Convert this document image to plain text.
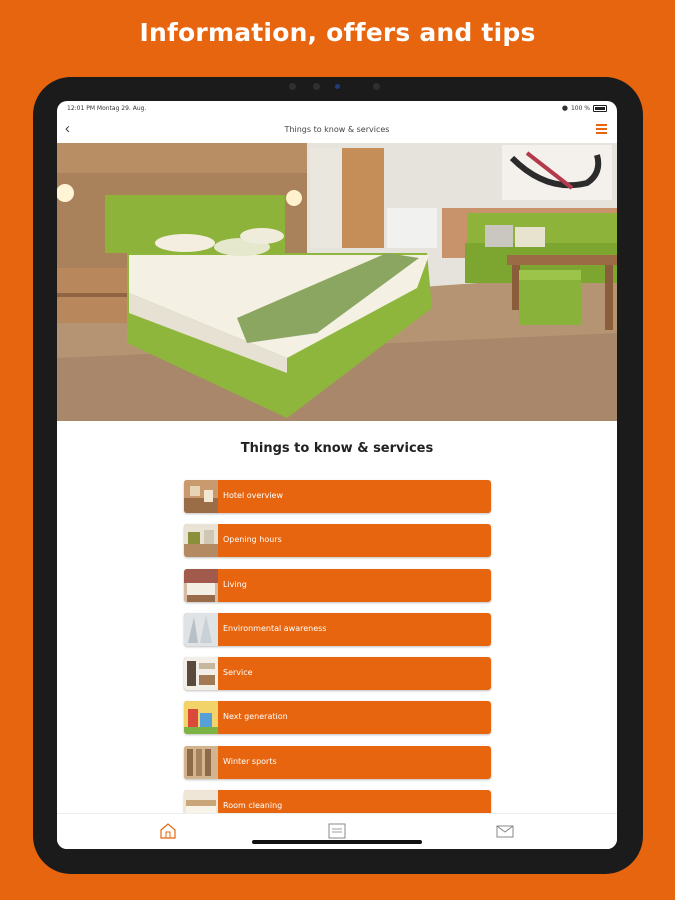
Information, offers and tips
12:01 PM Montag 29. Aug.	● 100 %
‹	Things to know & services
Things to know & services
Hotel overview
Opening hours
Living
Environmental awareness
Service
Next generation
Winter sports
Room cleaning
